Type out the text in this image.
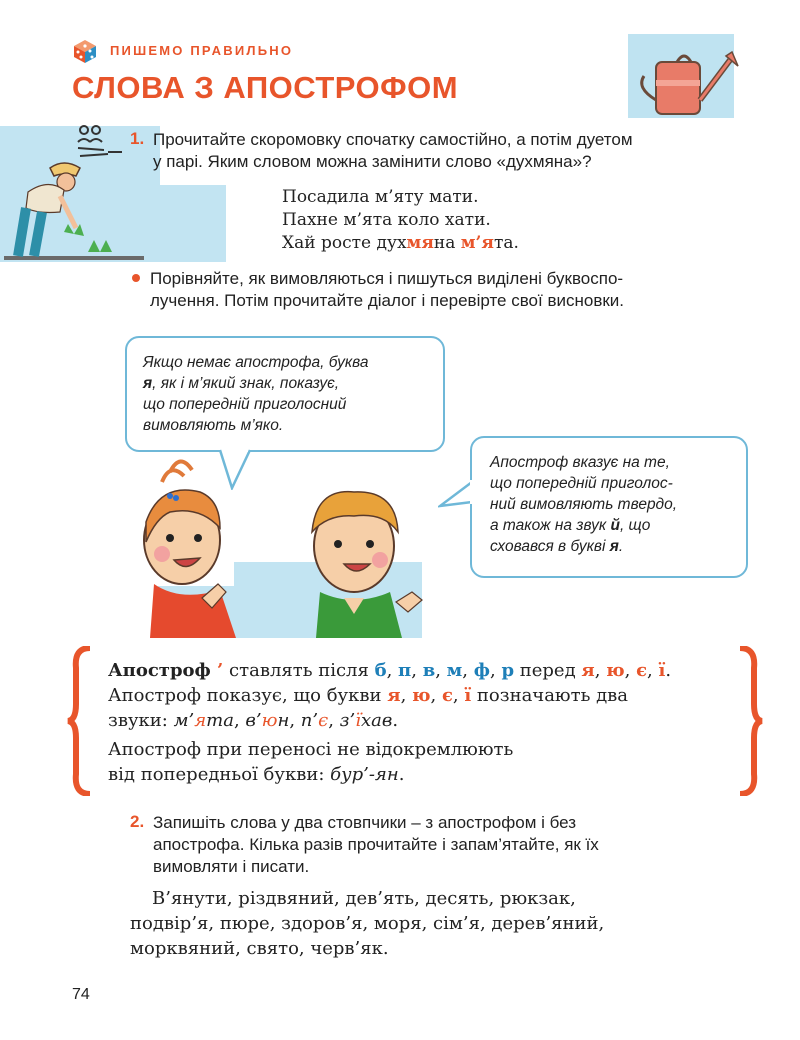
ПИШЕМО ПРАВИЛЬНО
СЛОВА З АПОСТРОФОМ
1. Прочитайте скоромовку спочатку самостійно, а потім дуетом
у парі. Яким словом можна замінити слово «духмяна»?
Посадила м’яту мати.
Пахне м’ята коло хати.
Хай росте духмяна м’ята.
Порівняйте, як вимовляються і пишуться виділені буквоспо-
лучення. Потім прочитайте діалог і перевірте свої висновки.
Якщо немає апострофа, буква
я, як і м’який знак, показує,
що попередній приголосний
вимовляють м’яко.
Апостроф вказує на те,
що попередній приголос-
ний вимовляють твердо,
а також на звук й, що
сховався в букві я.
Апостроф ’ ставлять після б, п, в, м, ф, р перед я, ю, є, ї.
Апостроф показує, що букви я, ю, є, ї позначають два
звуки: м’ята, в’юн, п’є, з’їхав.
Апостроф при переносі не відокремлюють
від попередньої букви: бур’-ян.
2. Запишіть слова у два стовпчики – з апострофом і без
апострофа. Кілька разів прочитайте і запам’ятайте, як їх
вимовляти і писати.
В’янути, різдвяний, дев’ять, десять, рюкзак,
подвір’я, пюре, здоров’я, моря, сім’я, дерев’яний,
морквяний, свято, черв’як.
74
